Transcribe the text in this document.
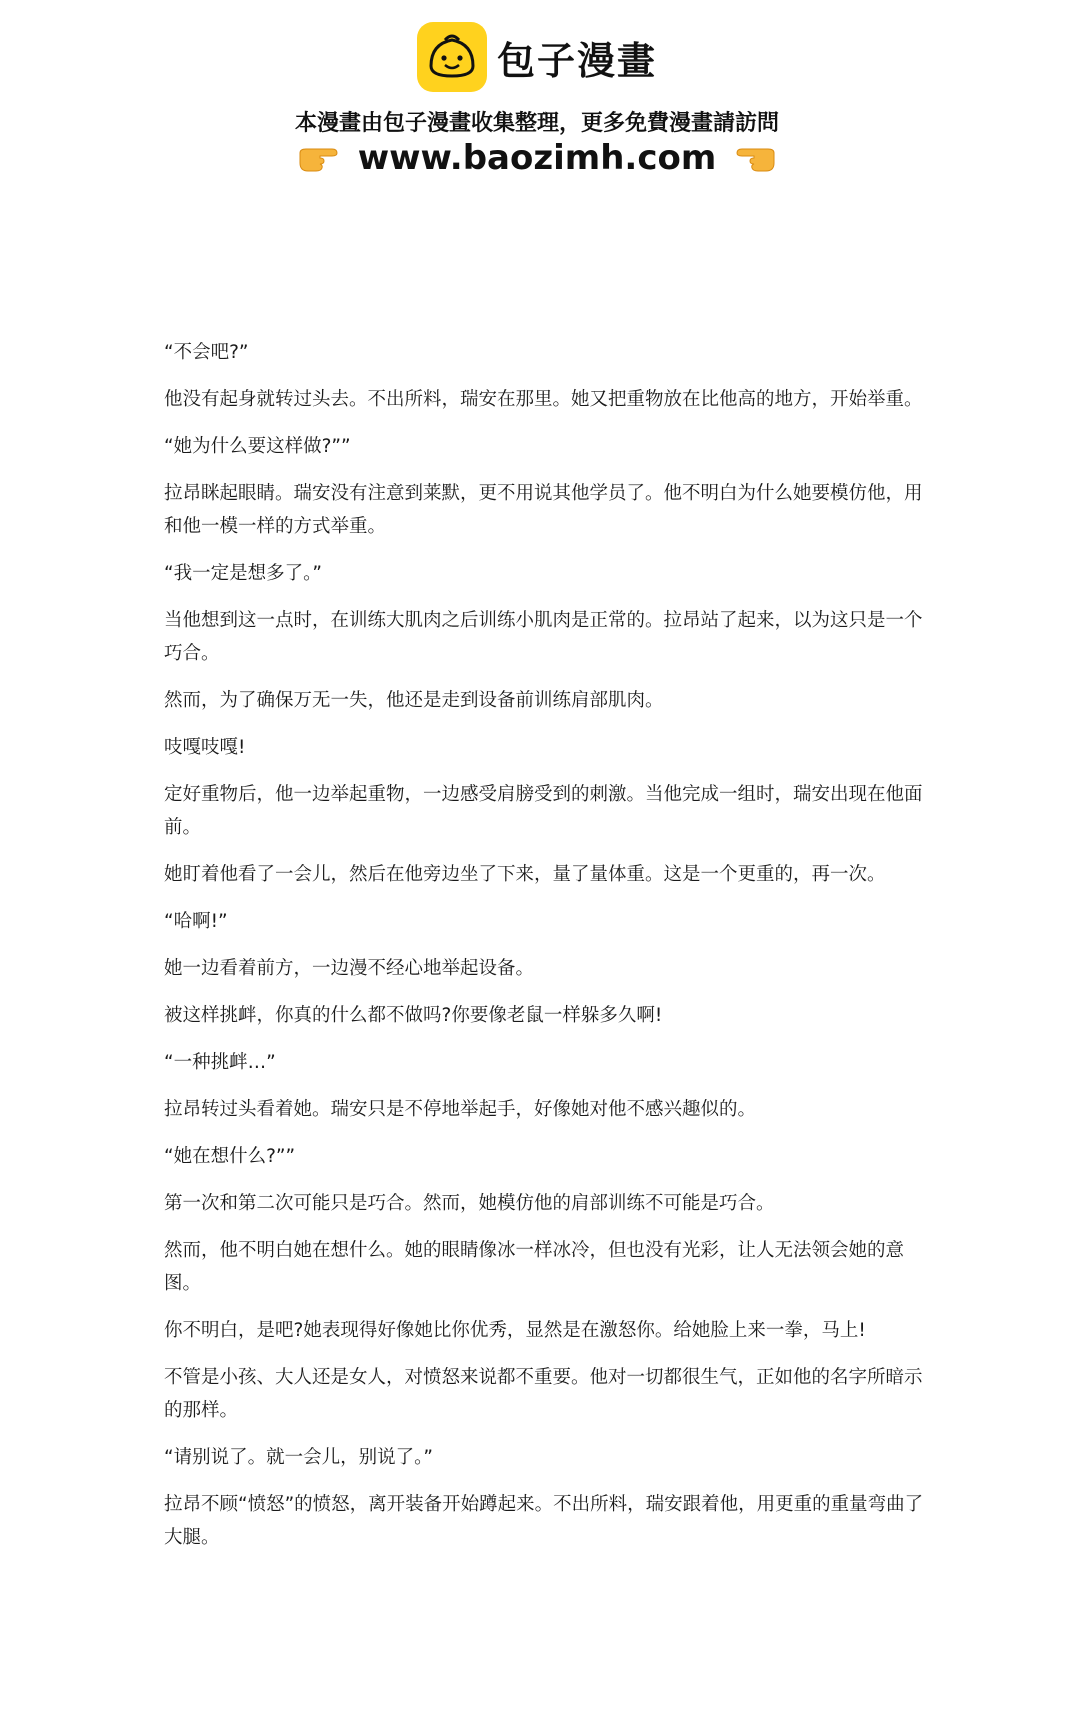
包子漫畫
本漫畫由包子漫畫收集整理，更多免費漫畫請訪問
www.baozimh.com

“不会吧?”

他没有起身就转过头去。不出所料，瑞安在那里。她又把重物放在比他高的地方，开始举重。

“她为什么要这样做?””

拉昂眯起眼睛。瑞安没有注意到莱默，更不用说其他学员了。他不明白为什么她要模仿他，用和他一模一样的方式举重。

“我一定是想多了。”

当他想到这一点时，在训练大肌肉之后训练小肌肉是正常的。拉昂站了起来，以为这只是一个巧合。

然而，为了确保万无一失，他还是走到设备前训练肩部肌肉。

吱嘎吱嘎!

定好重物后，他一边举起重物，一边感受肩膀受到的刺激。当他完成一组时，瑞安出现在他面前。

她盯着他看了一会儿，然后在他旁边坐了下来，量了量体重。这是一个更重的，再一次。

“哈啊!”

她一边看着前方，一边漫不经心地举起设备。

被这样挑衅，你真的什么都不做吗?你要像老鼠一样躲多久啊!

“一种挑衅…”

拉昂转过头看着她。瑞安只是不停地举起手，好像她对他不感兴趣似的。

“她在想什么?””

第一次和第二次可能只是巧合。然而，她模仿他的肩部训练不可能是巧合。

然而，他不明白她在想什么。她的眼睛像冰一样冰冷，但也没有光彩，让人无法领会她的意图。

你不明白，是吧?她表现得好像她比你优秀，显然是在激怒你。给她脸上来一拳，马上!

不管是小孩、大人还是女人，对愤怒来说都不重要。他对一切都很生气，正如他的名字所暗示的那样。

“请别说了。就一会儿，别说了。”

拉昂不顾“愤怒”的愤怒，离开装备开始蹲起来。不出所料，瑞安跟着他，用更重的重量弯曲了大腿。
